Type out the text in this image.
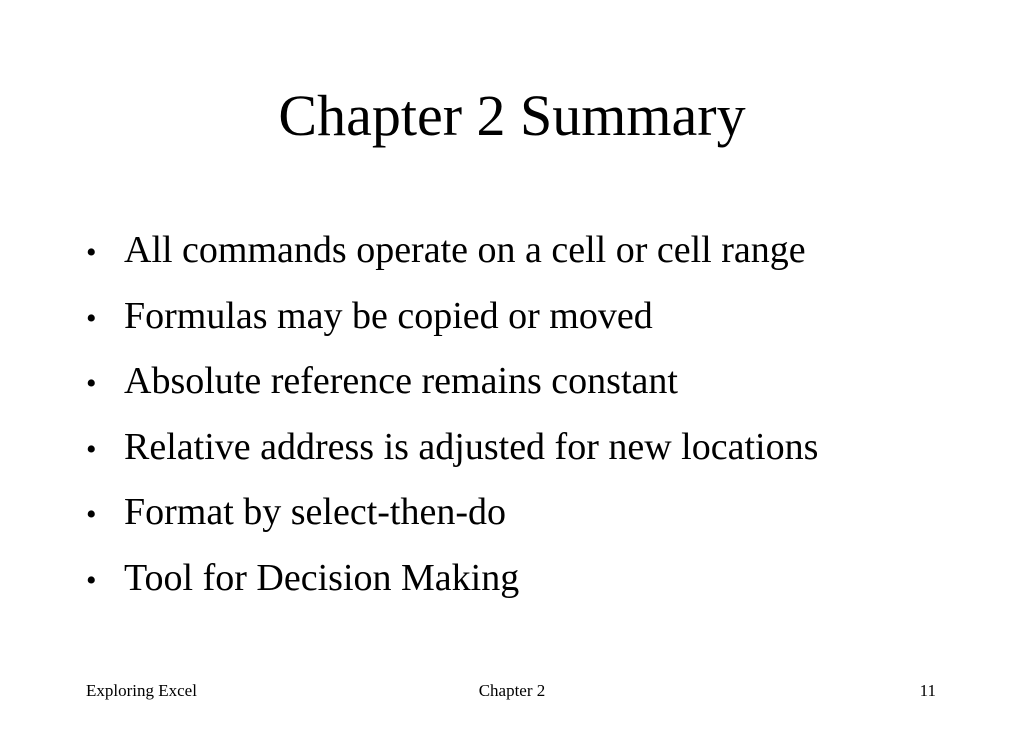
Chapter 2 Summary
• All commands operate on a cell or cell range
• Formulas may be copied or moved
• Absolute reference remains constant
• Relative address is adjusted for new locations
• Format by select-then-do
• Tool for Decision Making
Exploring Excel	Chapter 2	11
